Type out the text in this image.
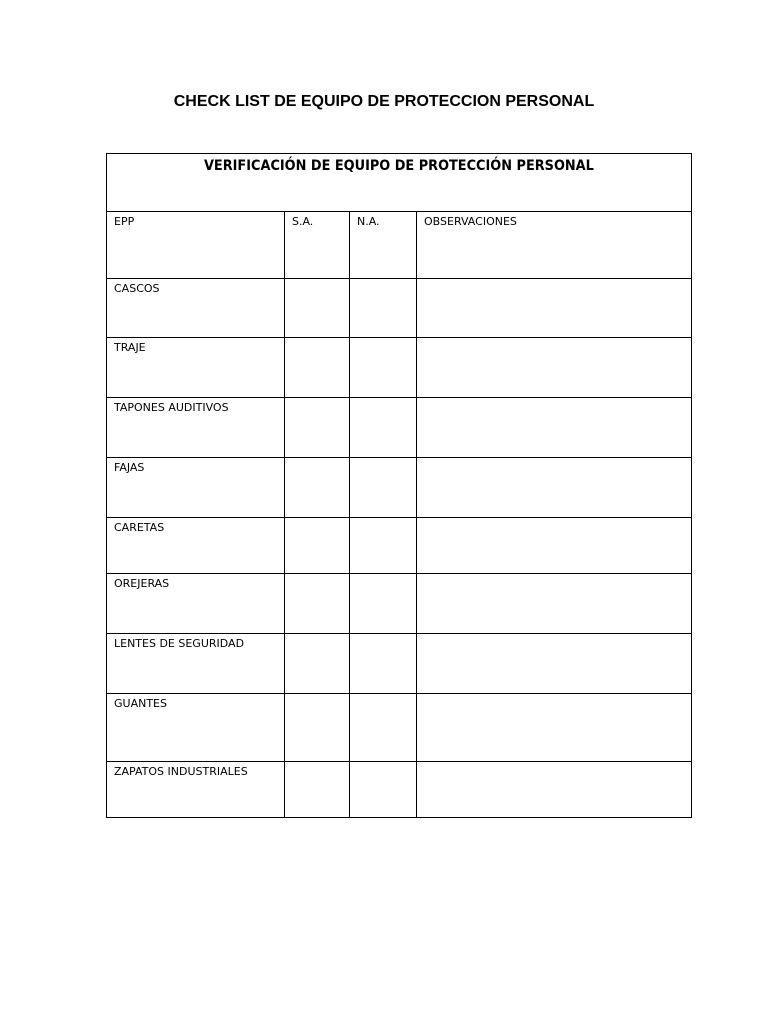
CHECK LIST DE EQUIPO DE PROTECCION PERSONAL
VERIFICACIÓN DE EQUIPO DE PROTECCIÓN PERSONAL			
EPP	S.A.	N.A.	OBSERVACIONES
CASCOS			
TRAJE			
TAPONES AUDITIVOS			
FAJAS			
CARETAS			
OREJERAS			
LENTES DE SEGURIDAD			
GUANTES			
ZAPATOS INDUSTRIALES			
